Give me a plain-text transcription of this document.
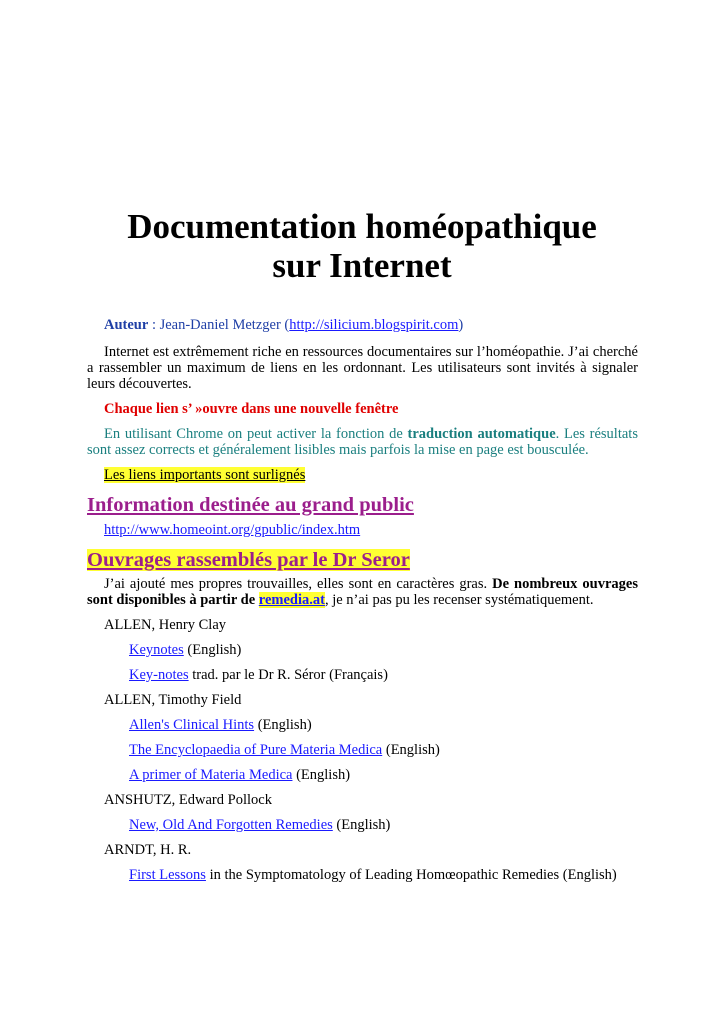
Documentation homéopathique
sur Internet

Auteur : Jean-Daniel Metzger (http://silicium.blogspirit.com)

Internet est extrêmement riche en ressources documentaires sur l’homéopathie. J’ai cherché a rassembler un maximum de liens en les ordonnant. Les utilisateurs sont invités à signaler leurs découvertes.

Chaque lien s’ »ouvre dans une nouvelle fenêtre

En utilisant Chrome on peut activer la fonction de traduction automatique. Les résultats sont assez corrects et généralement lisibles mais parfois la mise en page est bousculée.

Les liens importants sont surlignés

Information destinée au grand public

http://www.homeoint.org/gpublic/index.htm

Ouvrages rassemblés par le Dr Seror

J’ai ajouté mes propres trouvailles, elles sont en caractères gras. De nombreux ouvrages sont disponibles à partir de remedia.at, je n’ai pas pu les recenser systématiquement.

ALLEN, Henry Clay

Keynotes (English)

Key-notes trad. par le Dr R. Séror (Français)

ALLEN, Timothy Field

Allen's Clinical Hints (English)

The Encyclopaedia of Pure Materia Medica (English)

A primer of Materia Medica (English)

ANSHUTZ, Edward Pollock

New, Old And Forgotten Remedies (English)

ARNDT, H. R.

First Lessons in the Symptomatology of Leading Homœopathic Remedies (English)
